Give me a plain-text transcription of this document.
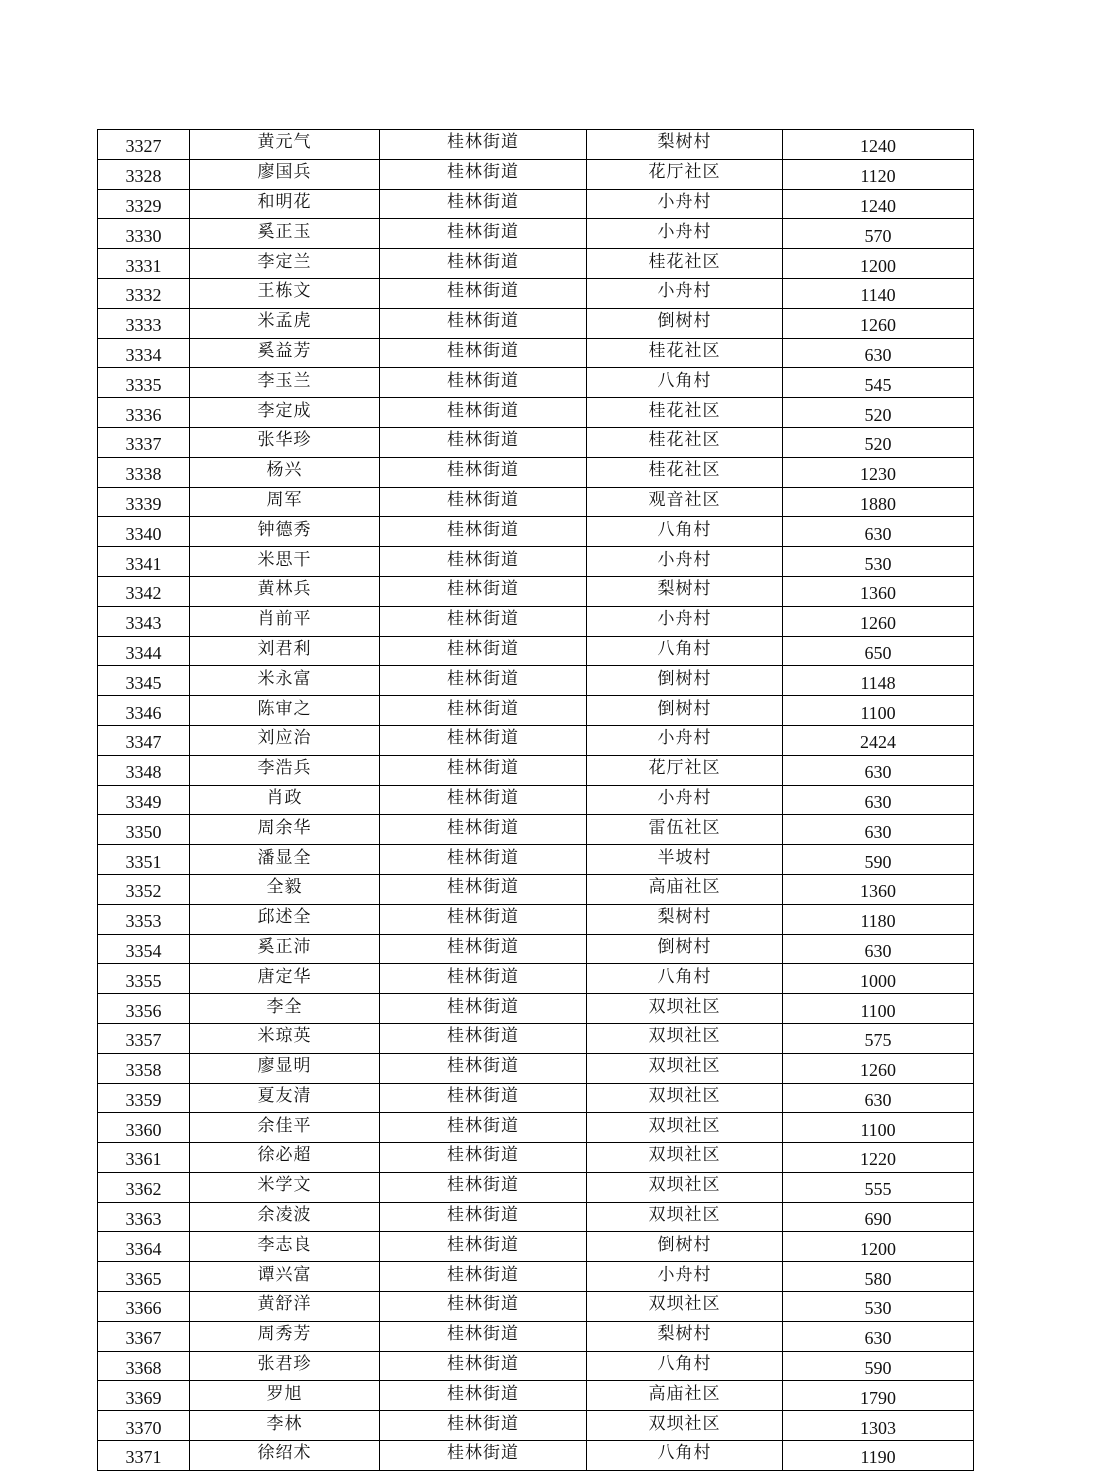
3327	黄元气	桂林街道	梨树村	1240
3328	廖国兵	桂林街道	花厅社区	1120
3329	和明花	桂林街道	小舟村	1240
3330	奚正玉	桂林街道	小舟村	570
3331	李定兰	桂林街道	桂花社区	1200
3332	王栋文	桂林街道	小舟村	1140
3333	米孟虎	桂林街道	倒树村	1260
3334	奚益芳	桂林街道	桂花社区	630
3335	李玉兰	桂林街道	八角村	545
3336	李定成	桂林街道	桂花社区	520
3337	张华珍	桂林街道	桂花社区	520
3338	杨兴	桂林街道	桂花社区	1230
3339	周军	桂林街道	观音社区	1880
3340	钟德秀	桂林街道	八角村	630
3341	米思干	桂林街道	小舟村	530
3342	黄林兵	桂林街道	梨树村	1360
3343	肖前平	桂林街道	小舟村	1260
3344	刘君利	桂林街道	八角村	650
3345	米永富	桂林街道	倒树村	1148
3346	陈审之	桂林街道	倒树村	1100
3347	刘应治	桂林街道	小舟村	2424
3348	李浩兵	桂林街道	花厅社区	630
3349	肖政	桂林街道	小舟村	630
3350	周余华	桂林街道	雷伍社区	630
3351	潘显全	桂林街道	半坡村	590
3352	全毅	桂林街道	高庙社区	1360
3353	邱述全	桂林街道	梨树村	1180
3354	奚正沛	桂林街道	倒树村	630
3355	唐定华	桂林街道	八角村	1000
3356	李全	桂林街道	双坝社区	1100
3357	米琼英	桂林街道	双坝社区	575
3358	廖显明	桂林街道	双坝社区	1260
3359	夏友清	桂林街道	双坝社区	630
3360	余佳平	桂林街道	双坝社区	1100
3361	徐必超	桂林街道	双坝社区	1220
3362	米学文	桂林街道	双坝社区	555
3363	余凌波	桂林街道	双坝社区	690
3364	李志良	桂林街道	倒树村	1200
3365	谭兴富	桂林街道	小舟村	580
3366	黄舒洋	桂林街道	双坝社区	530
3367	周秀芳	桂林街道	梨树村	630
3368	张君珍	桂林街道	八角村	590
3369	罗旭	桂林街道	高庙社区	1790
3370	李林	桂林街道	双坝社区	1303
3371	徐绍术	桂林街道	八角村	1190
